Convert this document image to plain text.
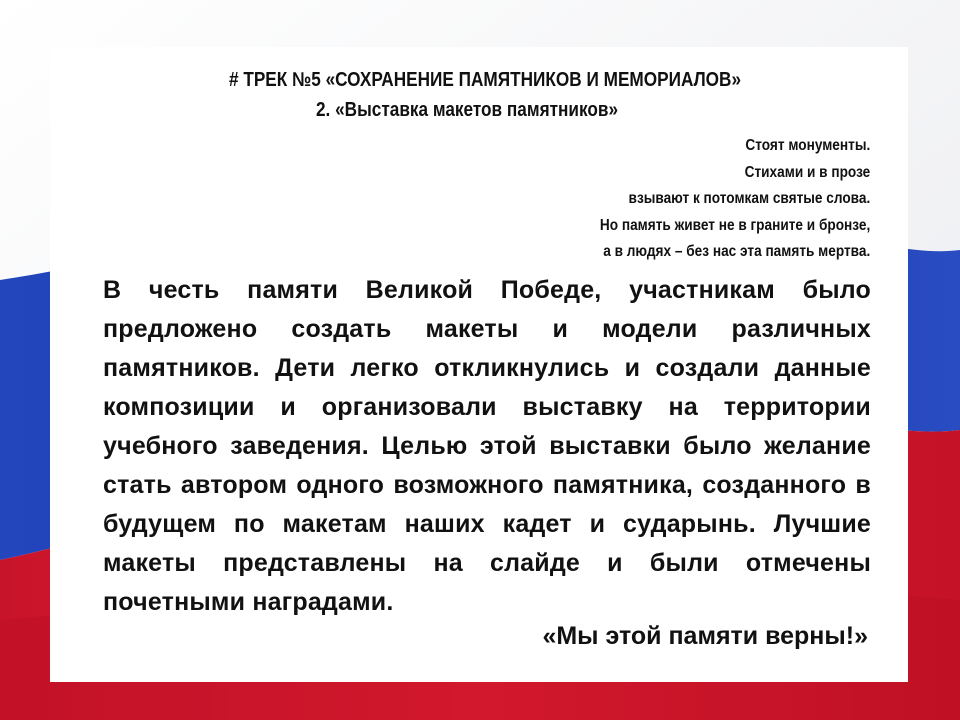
# ТРЕК №5 «СОХРАНЕНИЕ ПАМЯТНИКОВ И МЕМОРИАЛОВ»
2. «Выставка макетов памятников»
Стоят монументы.
Стихами и в прозе
взывают к потомкам святые слова.
Но память живет не в граните и бронзе,
а в людях – без нас эта память мертва.
В честь памяти Великой Победе, участникам было предложено создать макеты и модели различных памятников. Дети легко откликнулись и создали данные композиции и организовали выставку на территории учебного заведения. Целью этой выставки было желание стать автором одного возможного памятника, созданного в будущем по макетам наших кадет и сударынь. Лучшие макеты представлены на слайде и были отмечены почетными наградами.
«Мы этой памяти верны!»
